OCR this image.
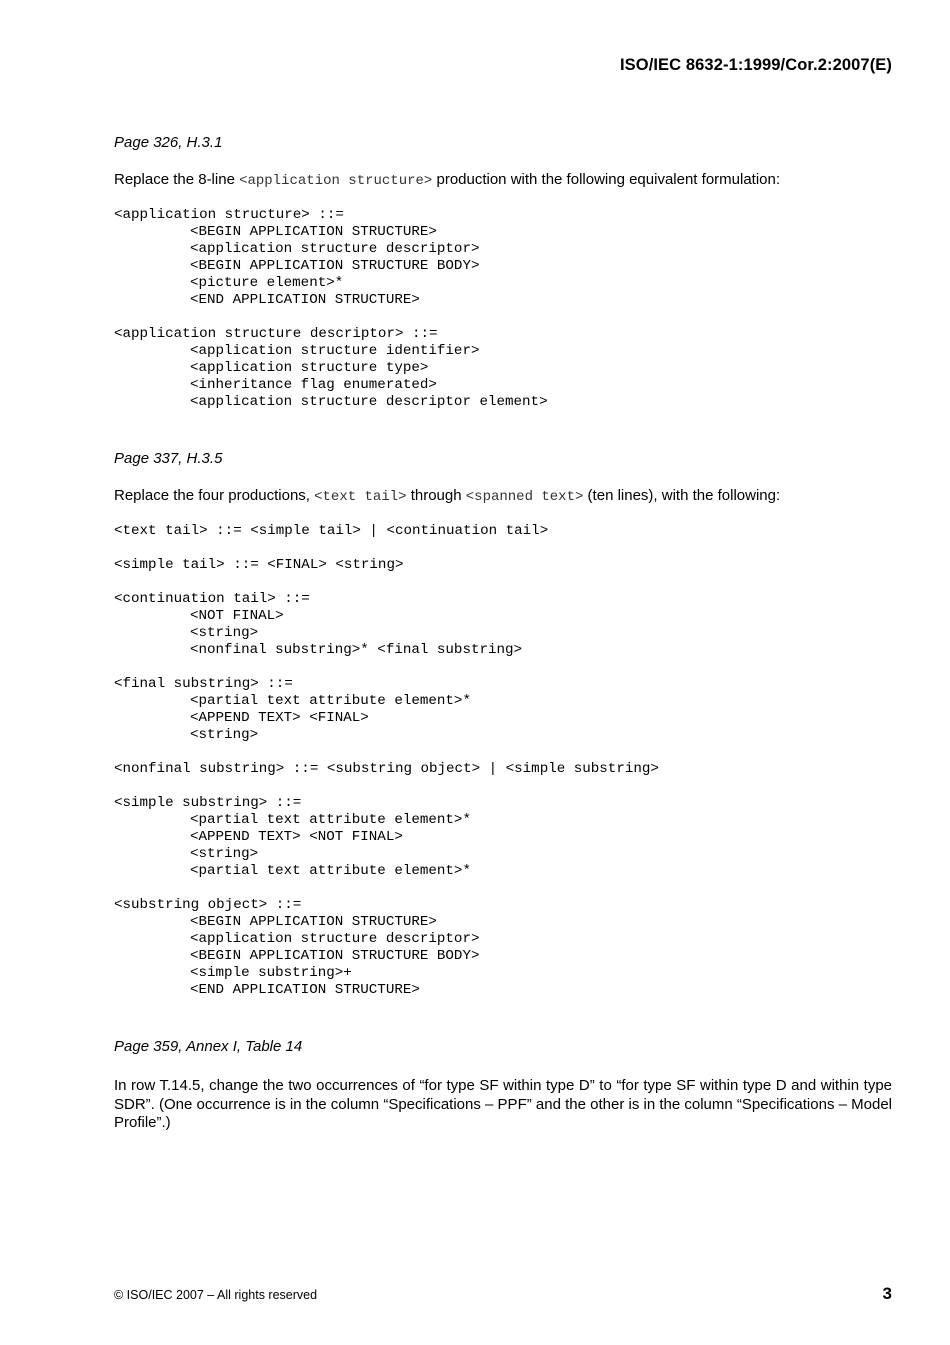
ISO/IEC 8632-1:1999/Cor.2:2007(E)

Page 326, H.3.1

Replace the 8-line <application structure> production with the following equivalent formulation:

<application structure> ::=
<BEGIN APPLICATION STRUCTURE>
<application structure descriptor>
<BEGIN APPLICATION STRUCTURE BODY>
<picture element>*
<END APPLICATION STRUCTURE>
<application structure descriptor> ::=
<application structure identifier>
<application structure type>
<inheritance flag enumerated>
<application structure descriptor element>

Page 337, H.3.5

Replace the four productions, <text tail> through <spanned text> (ten lines), with the following:

<text tail> ::= <simple tail> | <continuation tail>
<simple tail> ::= <FINAL> <string>
<continuation tail> ::=
<NOT FINAL>
<string>
<nonfinal substring>* <final substring>
<final substring> ::=
<partial text attribute element>*
<APPEND TEXT> <FINAL>
<string>
<nonfinal substring> ::= <substring object> | <simple substring>
<simple substring> ::=
<partial text attribute element>*
<APPEND TEXT> <NOT FINAL>
<string>
<partial text attribute element>*
<substring object> ::=
<BEGIN APPLICATION STRUCTURE>
<application structure descriptor>
<BEGIN APPLICATION STRUCTURE BODY>
<simple substring>+
<END APPLICATION STRUCTURE>

Page 359, Annex I, Table 14

In row T.14.5, change the two occurrences of “for type SF within type D” to “for type SF within type D and within type SDR”. (One occurrence is in the column “Specifications – PPF” and the other is in the column “Specifications – Model Profile”.)

© ISO/IEC 2007 – All rights reserved	3
